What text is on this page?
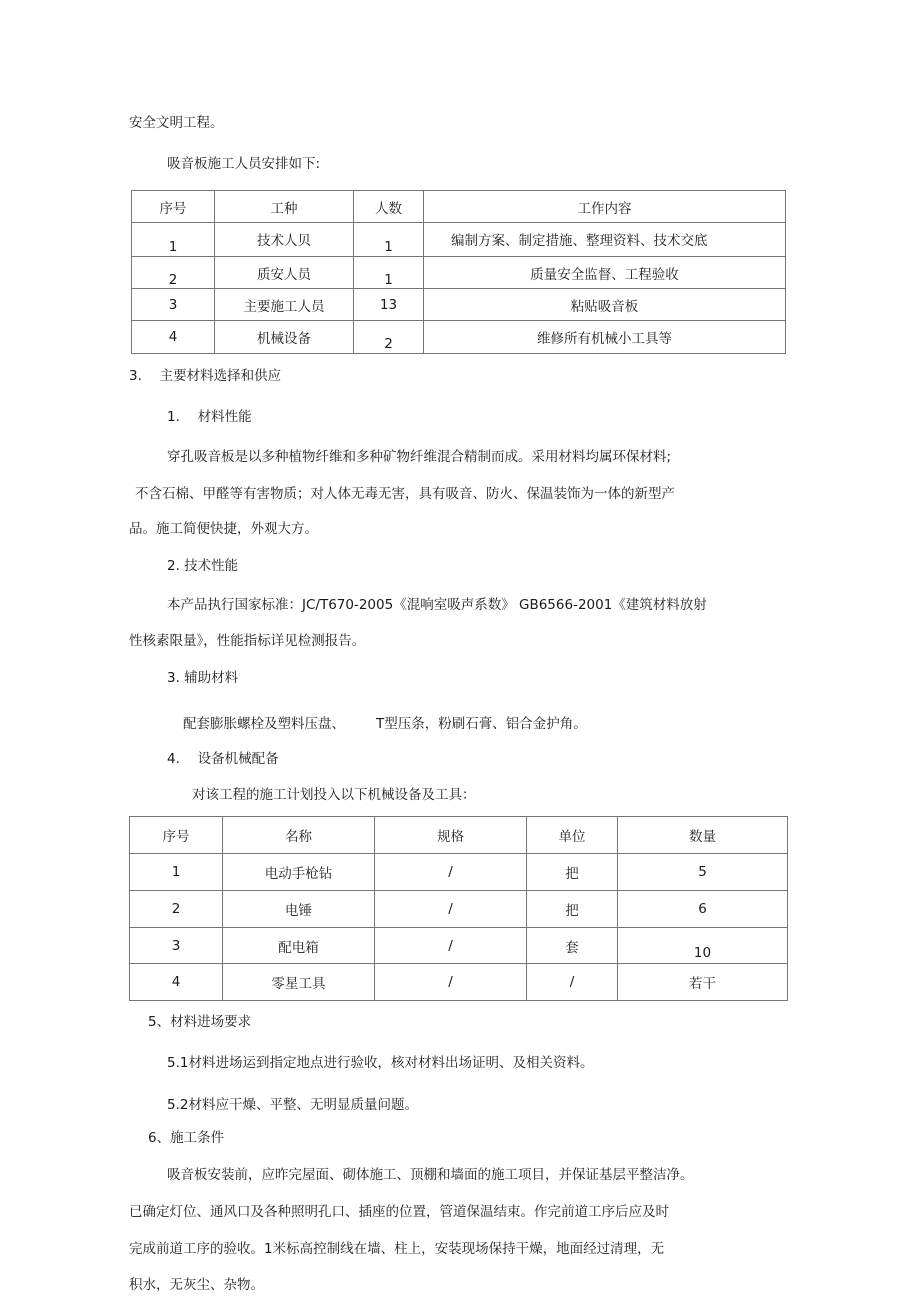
安全文明工程。
吸音板施工人员安排如下:
序号	工种	人数	工作内容
1	技术人贝	1	编制方案、制定措施、整理资料、技术交底
2	质安人员	1	质量安全监督、工程验收
3	主要施工人员	13	粘贴吸音板
4	机械设备	2	维修所有机械小工具等
3.　 主要材料选择和供应
1.　 材料性能
穿孔吸音板是以多种植物纤维和多种矿物纤维混合精制而成。采用材料均属环保材料;
不含石棉、甲醛等有害物质；对人体无毒无害，具有吸音、防火、保温装饰为一体的新型产
品。施工简便快捷，外观大方。
2. 技术性能
本产品执行国家标准：JC/T670-2005《混响室吸声系数》 GB6566-2001《建筑材料放射
性核素限量》，性能指标详见检测报告。
3. 辅助材料
配套膨胀螺栓及塑料压盘、 T型压条，粉刷石膏、铝合金护角。
4.　 设备机械配备
对该工程的施工计划投入以下机械设备及工具：
序号	名称	规格	单位	数量
1	电动手枪钻	/	把	5
2	电锤	/	把	6
3	配电箱	/	套	10
4	零星工具	/	/	若干
5、材料进场要求
5.1材料进场运到指定地点进行验收，核对材料出场证明、及相关资料。
5.2材料应干燥、平整、无明显质量问题。
6、施工条件
吸音板安装前，应昨完屋面、砌体施工、顶棚和墙面的施工项目，并保证基层平整洁净。
已确定灯位、通风口及各种照明孔口、插座的位置，管道保温结束。作完前道工序后应及时
完成前道工序的验收。1米标高控制线在墙、柱上，安装现场保持干燥，地面经过清理，无
积水，无灰尘、杂物。
